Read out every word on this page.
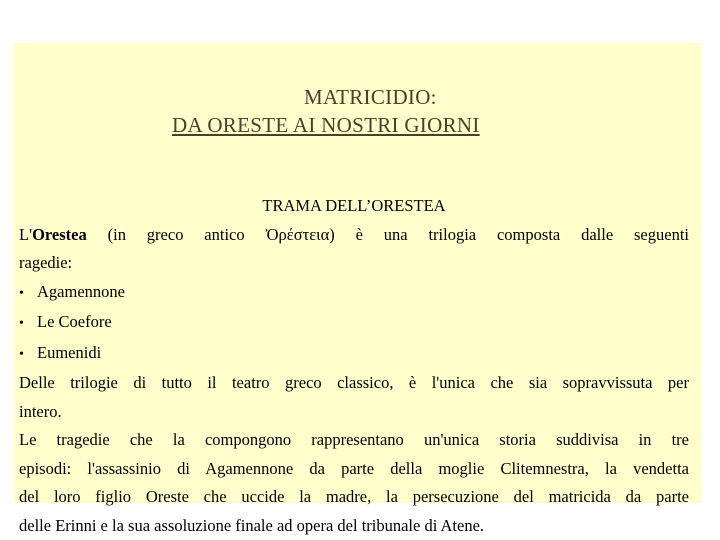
MATRICIDIO:
DA ORESTE AI NOSTRI GIORNI

TRAMA DELL’ORESTEA

L'Orestea (in greco antico Ὀρέστεια) è una trilogia composta dalle seguenti

ragedie:

• Agamennone
• Le Coefore
• Eumenidi

Delle trilogie di tutto il teatro greco classico, è l'unica che sia sopravvissuta per

intero.

Le tragedie che la compongono rappresentano un'unica storia suddivisa in tre

episodi: l'assassinio di Agamennone da parte della moglie Clitemnestra, la vendetta

del loro figlio Oreste che uccide la madre, la persecuzione del matricida da parte

delle Erinni e la sua assoluzione finale ad opera del tribunale di Atene.
